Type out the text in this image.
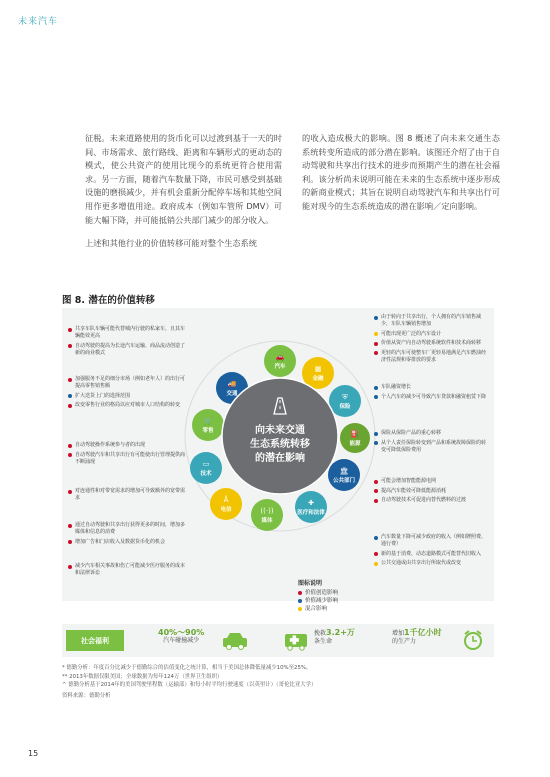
未来汽车

征税。未来道路使用的货币化可以过渡到基于一天的时间、市场需求、旅行路线、距离和车辆形式的更动态的模式，使公共资产的使用比现今的系统更符合使用需求。另一方面，随着汽车数量下降，市民可感受到基础设施的磨损减少，并有机会重新分配停车场和其他空间用作更多增值用途。政府成本（例如车管所 DMV）可能大幅下降，并可能抵销公共部门减少的部分收入。

上述和其他行业的价值转移可能对整个生态系统

的收入造成极大的影响。图 8 概述了向未来交通生态系统转变所造成的部分潜在影响。该图还介绍了由于自动驾驶和共享出行技术的进步而预期产生的潜在社会福利。该分析尚未说明可能在未来的生态系统中逐步形成的新商业模式；其旨在说明自动驾驶汽车和共享出行可能对现今的生态系统造成的潜在影响／定向影响。

图 8. 潜在的价值转移
🚗
汽车	▦
金融
⛨
保险
⛽
能源
🏛
公共部门
✚
医疗和法律
((·))
媒体
Å
电信
▭
技术
🛒
零售
🚚
交通
向未来交通
生态系统转移
的潜在影响
共享车队车辆可能代替城内行驶的私家车，且其车辆能效更高
自动驾驶的提高为长途汽车运输、商品流动创造了新的商业模式
加强服务不足的细分市场（例如老年人）的出行可提高零售销售额
扩大送货上门的选择范围
改变零售行业的格局以应对城市人口结构的转变
自动驾驶操作系统参与者的出现
自动驾驶汽车和共享出行有可能使出行管理提供商不断涌现
对连通性和对带宽需求的增加可导致额外的宽带需求
通过自动驾驶和共享出行获得更多的时间，增加多媒体和信息的消费
增加广告和门店收入及数据货币化的机会
减少汽车相关事故和伤亡可能减少医疗服务的成本和法律诉讼
由于转向于共享出行，个人拥有的汽车销售减少，车队车辆销售增加
可能出现更广泛的汽车设计
价值从资产向自动驾驶系统软件和技术商转移
更轻的汽车可使整车厂更轻易地满足汽车燃油经济性法规和零排放的要求
车队融资增长
个人汽车的减少可导致汽车贷款和融资租赁下降
保险从保险产品的重心转移
从个人责任保险转变到产品和系统故障保险的转变可降低保险费用
可能会增加智能能源电网
提高汽车能效可降低能源消耗
自动驾驶技术可促进向替代燃料的过渡
汽车数量下降可减少政府的收入（例如牌照费、通行费）
新的基于消费、动态道路模式可能替代旧收入
公共交通或由共享出行所取代或改变
图标说明
价值创造影响
价值减少影响
混合影响
社会福利
40%～90%
汽车碰撞减少
挽救3.2+万
条生命
增加1千亿小时
的生产力
* 德勤分析：年度百分比减少于德勤综合的估值变化之统计算，相当于美国总体降低量减少10%至25%。
** 2013年数据仅限美国；全球数据为每年124万（世界卫生组织）
^ 德勤分析基于2014年的美国驾驶里程数（运输部）和每小时平均行驶速度（以英里计）（哥伦比亚大学）
资料来源：德勤分析
15
